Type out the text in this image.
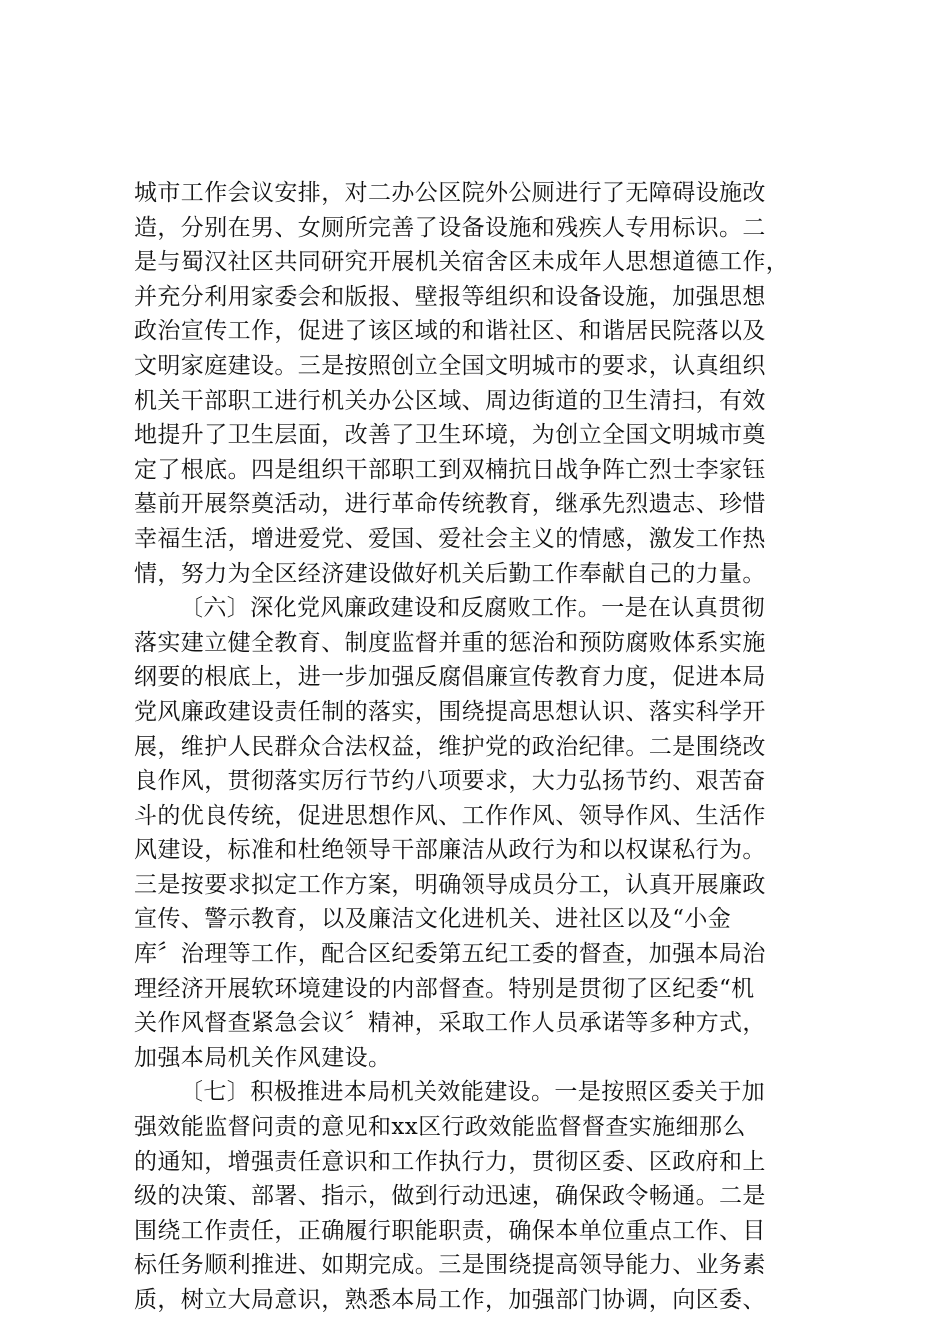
城市工作会议安排，对二办公区院外公厕进行了无障碍设施改
造，分别在男、女厕所完善了设备设施和残疾人专用标识。二
是与蜀汉社区共同研究开展机关宿舍区未成年人思想道德工作，
并充分利用家委会和版报、壁报等组织和设备设施，加强思想
政治宣传工作，促进了该区域的和谐社区、和谐居民院落以及
文明家庭建设。三是按照创立全国文明城市的要求，认真组织
机关干部职工进行机关办公区域、周边街道的卫生清扫，有效
地提升了卫生层面，改善了卫生环境，为创立全国文明城市奠
定了根底。四是组织干部职工到双楠抗日战争阵亡烈士李家钰
墓前开展祭奠活动，进行革命传统教育，继承先烈遗志、珍惜
幸福生活，增进爱党、爱国、爱社会主义的情感，激发工作热
情，努力为全区经济建设做好机关后勤工作奉献自己的力量。
〔六〕深化党风廉政建设和反腐败工作。一是在认真贯彻
落实建立健全教育、制度监督并重的惩治和预防腐败体系实施
纲要的根底上，进一步加强反腐倡廉宣传教育力度，促进本局
党风廉政建设责任制的落实，围绕提高思想认识、落实科学开
展，维护人民群众合法权益，维护党的政治纪律。二是围绕改
良作风，贯彻落实厉行节约八项要求，大力弘扬节约、艰苦奋
斗的优良传统，促进思想作风、工作作风、领导作风、生活作
风建设，标准和杜绝领导干部廉洁从政行为和以权谋私行为。
三是按要求拟定工作方案，明确领导成员分工，认真开展廉政
宣传、警示教育，以及廉洁文化进机关、进社区以及“小金
库〞治理等工作，配合区纪委第五纪工委的督查，加强本局治
理经济开展软环境建设的内部督查。特别是贯彻了区纪委“机
关作风督查紧急会议〞精神，采取工作人员承诺等多种方式，
加强本局机关作风建设。
〔七〕积极推进本局机关效能建设。一是按照区委关于加
强效能监督问责的意见和xx区行政效能监督督查实施细那么
的通知，增强责任意识和工作执行力，贯彻区委、区政府和上
级的决策、部署、指示，做到行动迅速，确保政令畅通。二是
围绕工作责任，正确履行职能职责，确保本单位重点工作、目
标任务顺利推进、如期完成。三是围绕提高领导能力、业务素
质，树立大局意识，熟悉本局工作，加强部门协调，向区委、
